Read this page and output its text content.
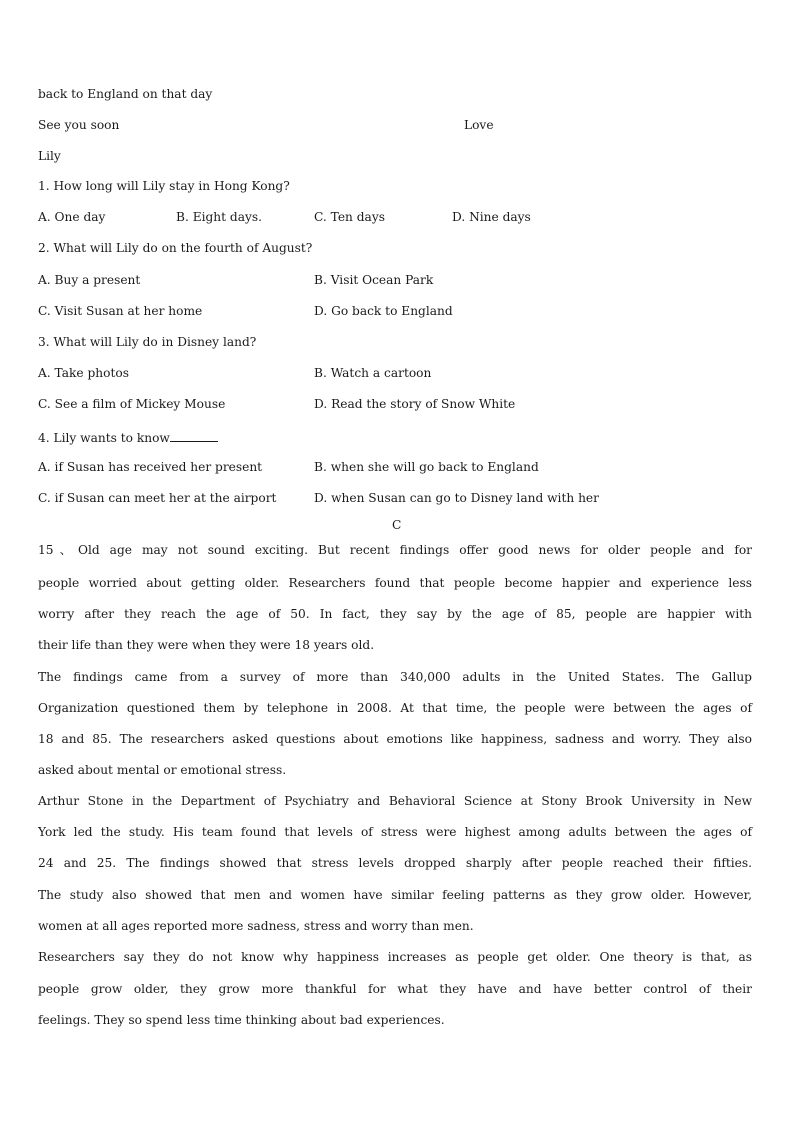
back to England on that day
See you soon	Love
Lily
1. How long will Lily stay in Hong Kong?
A. One day	B. Eight days.	C. Ten days	D. Nine days
2. What will Lily do on the fourth of August?
A. Buy a present	B. Visit Ocean Park
C. Visit Susan at her home	D. Go back to England
3. What will Lily do in Disney land?
A. Take photos	B. Watch a cartoon
C. See a film of Mickey Mouse	D. Read the story of Snow White
4. Lily wants to know
A. if Susan has received her present	B. when she will go back to England
C. if Susan can meet her at the airport	D. when Susan can go to Disney land with her
C
15、Old age may not sound exciting. But recent findings offer good news for older people and for
people worried about getting older. Researchers found that people become happier and experience less
worry after they reach the age of 50. In fact, they say by the age of 85, people are happier with
their life than they were when they were 18 years old.
The findings came from a survey of more than 340,000 adults in the United States. The Gallup
Organization questioned them by telephone in 2008. At that time, the people were between the ages of
18 and 85. The researchers asked questions about emotions like happiness, sadness and worry. They also
asked about mental or emotional stress.
Arthur Stone in the Department of Psychiatry and Behavioral Science at Stony Brook University in New
York led the study. His team found that levels of stress were highest among adults between the ages of
24 and 25. The findings showed that stress levels dropped sharply after people reached their fifties.
The study also showed that men and women have similar feeling patterns as they grow older. However,
women at all ages reported more sadness, stress and worry than men.
Researchers say they do not know why happiness increases as people get older. One theory is that, as
people grow older, they grow more thankful for what they have and have better control of their
feelings. They so spend less time thinking about bad experiences.
